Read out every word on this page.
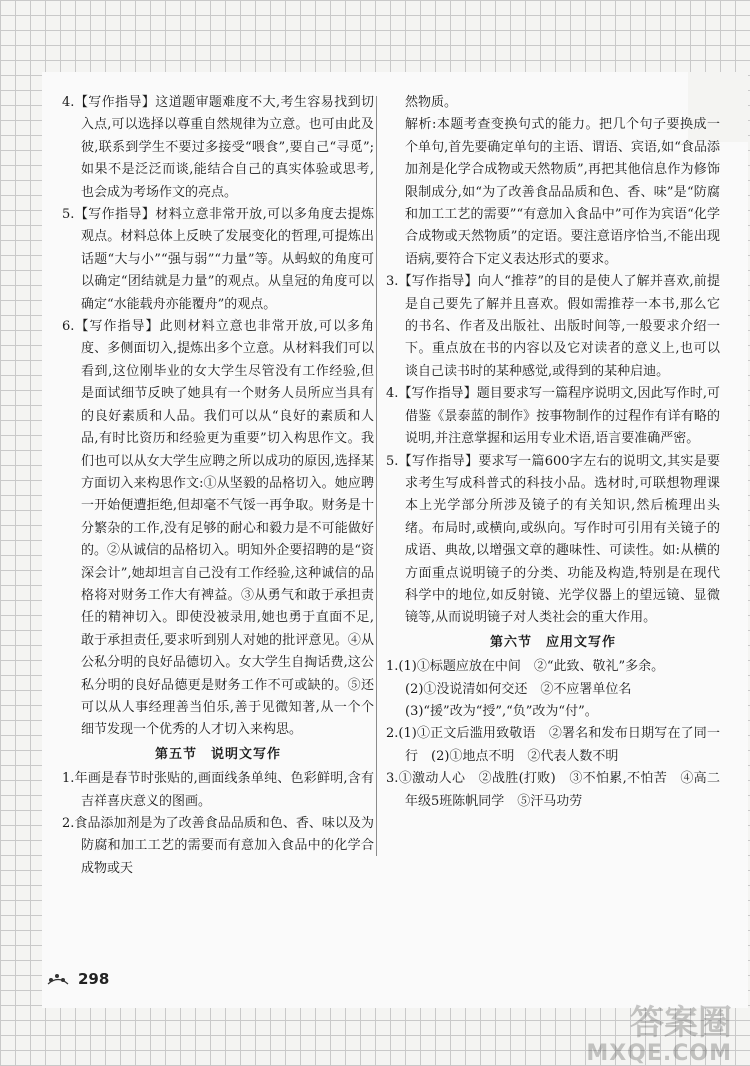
4.【写作指导】这道题审题难度不大,考生容易找到切入点,可以选择以尊重自然规律为立意。也可由此及彼,联系到学生不要过多接受“喂食”,要自己“寻觅”;如果不是泛泛而谈,能结合自己的真实体验或思考,也会成为考场作文的亮点。

5.【写作指导】材料立意非常开放,可以多角度去提炼观点。材料总体上反映了发展变化的哲理,可提炼出话题“大与小”“强与弱”“力量”等。从蚂蚁的角度可以确定“团结就是力量”的观点。从皇冠的角度可以确定“水能载舟亦能覆舟”的观点。

6.【写作指导】此则材料立意也非常开放,可以多角度、多侧面切入,提炼出多个立意。从材料我们可以看到,这位刚毕业的女大学生尽管没有工作经验,但是面试细节反映了她具有一个财务人员所应当具有的良好素质和人品。我们可以从“良好的素质和人品,有时比资历和经验更为重要”切入构思作文。我们也可以从女大学生应聘之所以成功的原因,选择某方面切入来构思作文:①从坚毅的品格切入。她应聘一开始便遭拒绝,但却毫不气馁一再争取。财务是十分繁杂的工作,没有足够的耐心和毅力是不可能做好的。②从诚信的品格切入。明知外企要招聘的是“资深会计”,她却坦言自己没有工作经验,这种诚信的品格将对财务工作大有裨益。③从勇气和敢于承担责任的精神切入。即使没被录用,她也勇于直面不足,敢于承担责任,要求听到别人对她的批评意见。④从公私分明的良好品德切入。女大学生自掏话费,这公私分明的良好品德更是财务工作不可或缺的。⑤还可以从人事经理善当伯乐,善于见微知著,从一个个细节发现一个优秀的人才切入来构思。

第五节　说明文写作

1.年画是春节时张贴的,画面线条单纯、色彩鲜明,含有吉祥喜庆意义的图画。

2.食品添加剂是为了改善食品品质和色、香、味以及为防腐和加工工艺的需要而有意加入食品中的化学合成物或天

然物质。

解析:本题考查变换句式的能力。把几个句子要换成一个单句,首先要确定单句的主语、谓语、宾语,如“食品添加剂是化学合成物或天然物质”,再把其他信息作为修饰限制成分,如“为了改善食品品质和色、香、味”是“防腐和加工工艺的需要”“有意加入食品中”可作为宾语“化学合成物或天然物质”的定语。要注意语序恰当,不能出现语病,要符合下定义表达形式的要求。

3.【写作指导】向人“推荐”的目的是使人了解并喜欢,前提是自己要先了解并且喜欢。假如需推荐一本书,那么它的书名、作者及出版社、出版时间等,一般要求介绍一下。重点放在书的内容以及它对读者的意义上,也可以谈自己读书时的某种感觉,或得到的某种启迪。

4.【写作指导】题目要求写一篇程序说明文,因此写作时,可借鉴《景泰蓝的制作》按事物制作的过程作有详有略的说明,并注意掌握和运用专业术语,语言要准确严密。

5.【写作指导】要求写一篇600字左右的说明文,其实是要求考生写成科普式的科技小品。选材时,可联想物理课本上光学部分所涉及镜子的有关知识,然后梳理出头绪。布局时,或横向,或纵向。写作时可引用有关镜子的成语、典故,以增强文章的趣味性、可读性。如:从横的方面重点说明镜子的分类、功能及构造,特别是在现代科学中的地位,如反射镜、光学仪器上的望远镜、显微镜等,从而说明镜子对人类社会的重大作用。

第六节　应用文写作

1.(1)①标题应放在中间　②“此致、敬礼”多余。

(2)①没说清如何交还　②不应署单位名

(3)“援”改为“授”,“负”改为“付”。

2.(1)①正文后滥用致敬语　②署名和发布日期写在了同一行　(2)①地点不明　②代表人数不明

3.①激动人心　②战胜(打败)　③不怕累,不怕苦　④高二年级5班陈帆同学　⑤汗马功劳

298
答案圈
MXQE.COM
